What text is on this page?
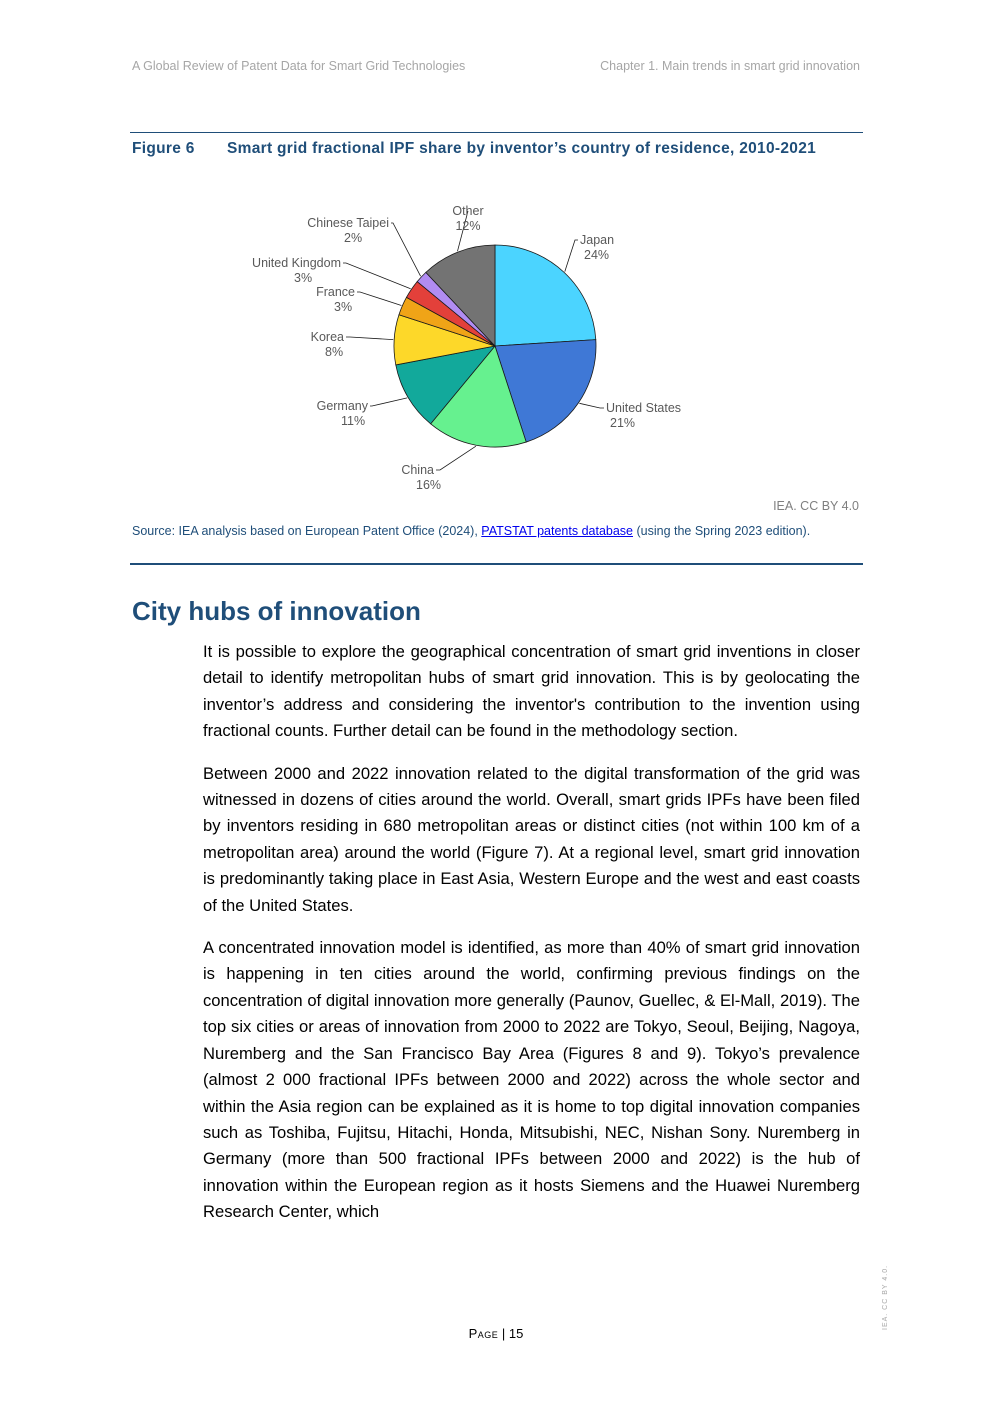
A Global Review of Patent Data for Smart Grid Technologies	Chapter 1. Main trends in smart grid innovation
Figure 6	Smart grid fractional IPF share by inventor’s country of residence, 2010-2021
Japan
24%
United States
21%
China
16%
Germany
11%
Korea
8%
France
3%
United Kingdom
3%
Chinese Taipei
2%
Other
12%
IEA. CC BY 4.0
Source: IEA analysis based on European Patent Office (2024), PATSTAT patents database (using the Spring 2023 edition).
City hubs of innovation

It is possible to explore the geographical concentration of smart grid inventions in closer detail to identify metropolitan hubs of smart grid innovation. This is by geolocating the inventor’s address and considering the inventor's contribution to the invention using fractional counts. Further detail can be found in the methodology section.

Between 2000 and 2022 innovation related to the digital transformation of the grid was witnessed in dozens of cities around the world. Overall, smart grids IPFs have been filed by inventors residing in 680 metropolitan areas or distinct cities (not within 100 km of a metropolitan area) around the world (Figure 7). At a regional level, smart grid innovation is predominantly taking place in East Asia, Western Europe and the west and east coasts of the United States.

A concentrated innovation model is identified, as more than 40% of smart grid innovation is happening in ten cities around the world, confirming previous findings on the concentration of digital innovation more generally (Paunov, Guellec, & El-Mall, 2019). The top six cities or areas of innovation from 2000 to 2022 are Tokyo, Seoul, Beijing, Nagoya, Nuremberg and the San Francisco Bay Area (Figures 8 and 9). Tokyo’s prevalence (almost 2 000 fractional IPFs between 2000 and 2022) across the whole sector and within the Asia region can be explained as it is home to top digital innovation companies such as Toshiba, Fujitsu, Hitachi, Honda, Mitsubishi, NEC, Nishan Sony. Nuremberg in Germany (more than 500 fractional IPFs between 2000 and 2022) is the hub of innovation within the European region as it hosts Siemens and the Huawei Nuremberg Research Center, which

Page | 15
IEA. CC BY 4.0.
